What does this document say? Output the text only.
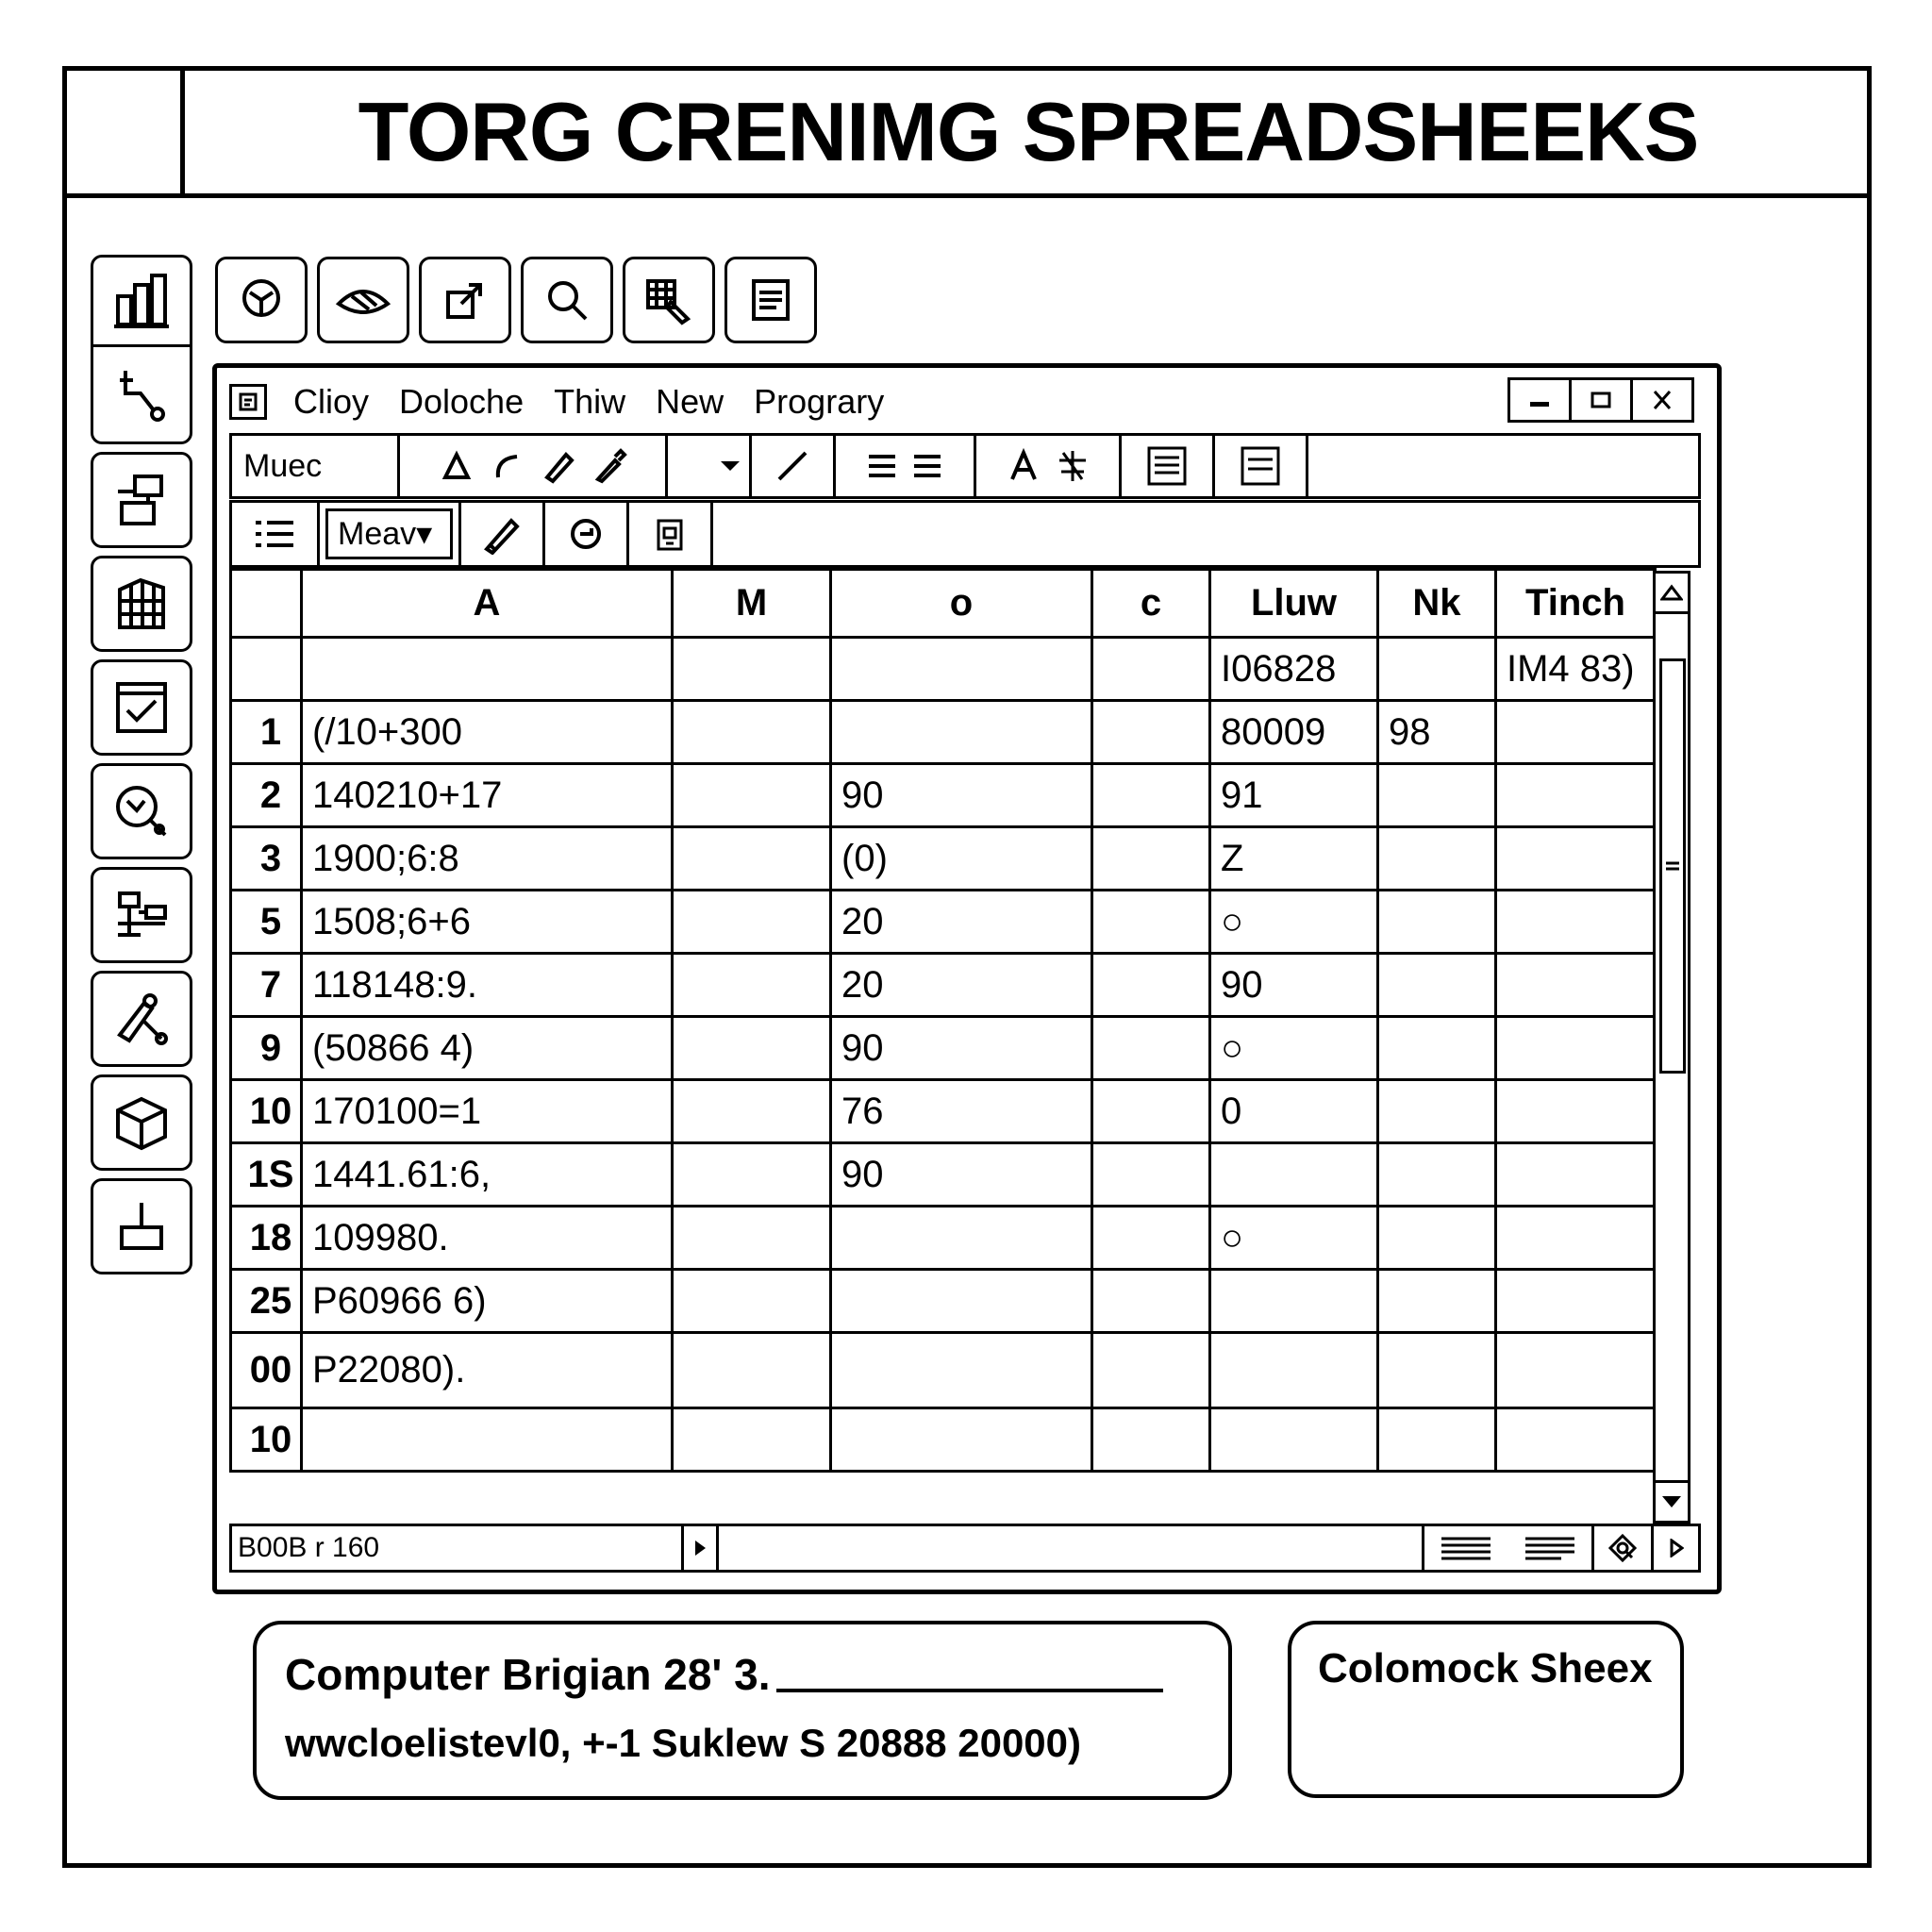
TORG CRENIMG SPREADSHEEKS
Clioy Doloche Thiw New Prograry
Muec
Meav▾
	A	M	o	c	Lluw	Nk	Tinch
					I06828		IM4 83)
1	(/10+300				80009	98	
2	140210+17		90		91		
3	1900;6:8		(0)		Z		
5	1508;6+6		20		○		
7	118148:9.		20		90		
9	(50866 4)		90		○		
10	170100=1		76		0		
1S	1441.61:6,		90				
18	109980.				○		
25	P60966 6)						
00	P22080).						
10							
B00B r 160
Computer Brigian 28' 3.
wwcloelistevl0, +-1 Suklew S 20888 20000)
Colomock Sheex
